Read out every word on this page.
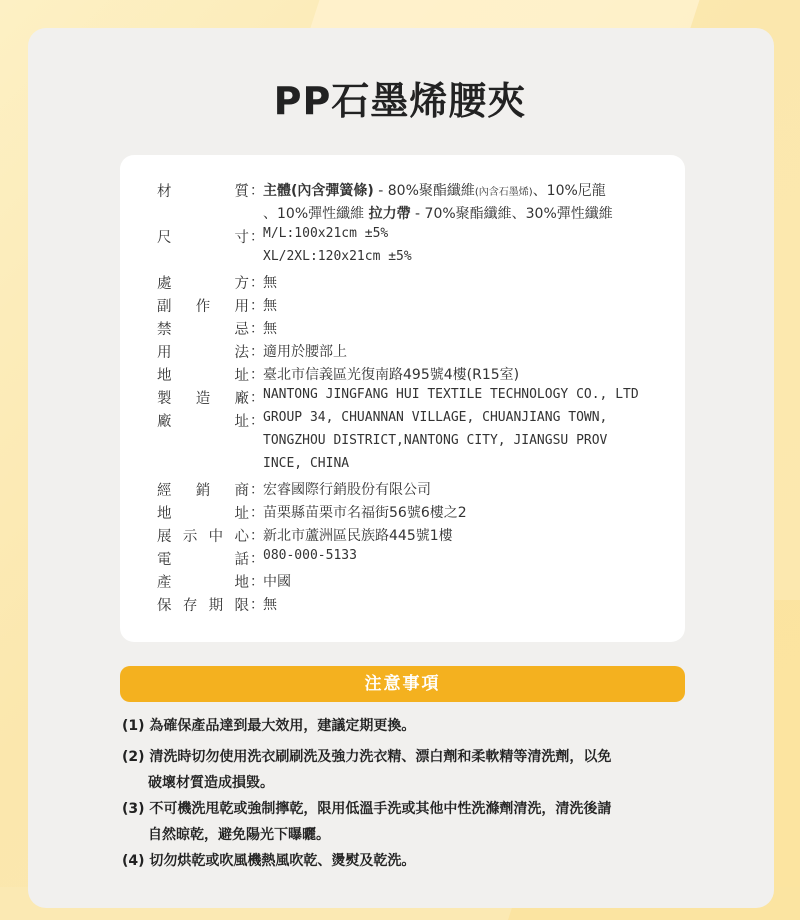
PP石墨烯腰夾
材	質 ： 主體(內含彈簧條) - 80%聚酯纖維(內含石墨烯)、10%尼龍
、10%彈性纖維 拉力帶 - 70%聚酯纖維、30%彈性纖維
尺	寸 ： M/L:100x21cm ±5%
XL/2XL:120x21cm ±5%
處	方 ： 無
副 作 用 ： 無
禁	忌 ： 無
用	法 ： 適用於腰部上
地	址 ： 臺北市信義區光復南路495號4樓(R15室)
製 造 廠 ： NANTONG JINGFANG HUI TEXTILE TECHNOLOGY CO., LTD
廠	址 ： GROUP 34, CHUANNAN VILLAGE, CHUANJIANG TOWN,
TONGZHOU DISTRICT,NANTONG CITY, JIANGSU PROV
INCE, CHINA
經 銷 商 ： 宏睿國際行銷股份有限公司
地	址 ： 苗栗縣苗栗市名福街56號6樓之2
展 示 中 心 ： 新北市蘆洲區民族路445號1樓
電	話 ： 080-000-5133
產	地 ： 中國
保 存 期 限 ： 無
注意事項
(1) 為確保產品達到最大效用，建議定期更換。
(2) 清洗時切勿使用洗衣刷刷洗及強力洗衣精、漂白劑和柔軟精等清洗劑，以免
破壞材質造成損毀。
(3) 不可機洗甩乾或強制擰乾，限用低溫手洗或其他中性洗滌劑清洗，清洗後請
自然晾乾，避免陽光下曝曬。
(4) 切勿烘乾或吹風機熱風吹乾、燙熨及乾洗。
